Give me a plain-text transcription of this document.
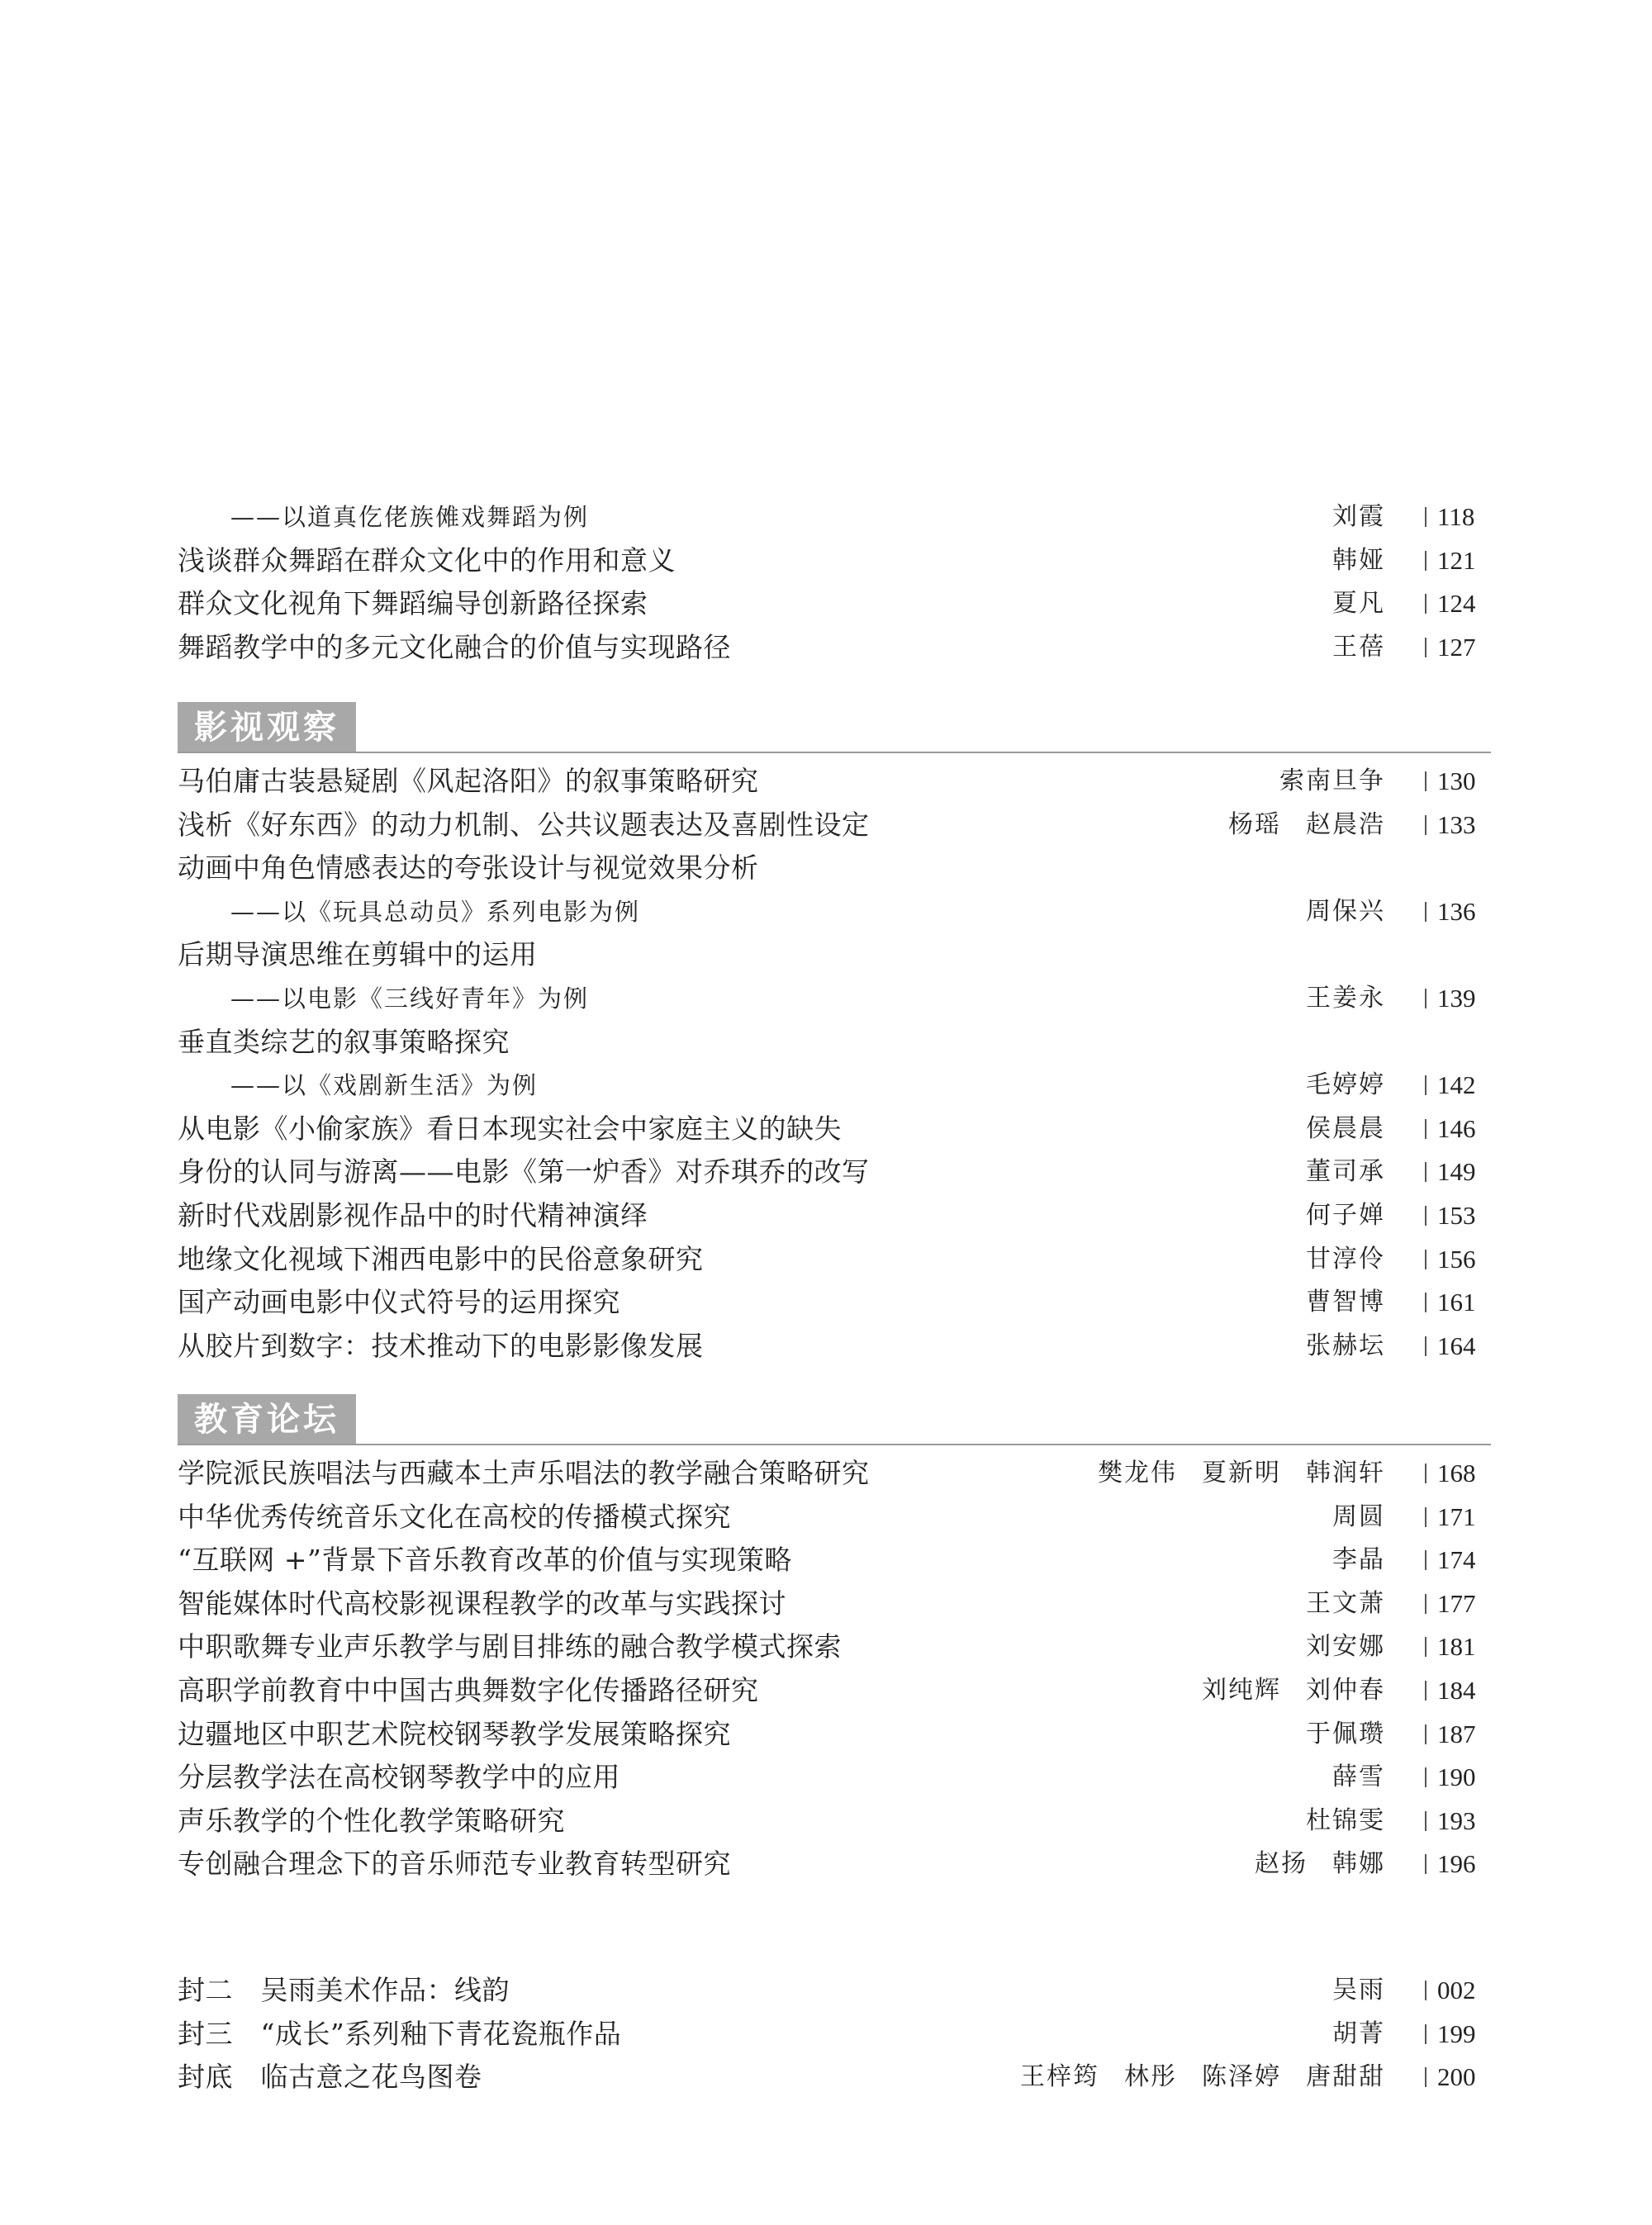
——以道真仡佬族傩戏舞蹈为例	刘霞 118
浅谈群众舞蹈在群众文化中的作用和意义	韩娅 121
群众文化视角下舞蹈编导创新路径探索	夏凡 124
舞蹈教学中的多元文化融合的价值与实现路径	王蓓 127
影视观察
马伯庸古装悬疑剧《风起洛阳》的叙事策略研究	索南旦争 130
浅析《好东西》的动力机制、公共议题表达及喜剧性设定	杨瑶 赵晨浩 133
动画中角色情感表达的夸张设计与视觉效果分析
——以《玩具总动员》系列电影为例	周保兴 136
后期导演思维在剪辑中的运用
——以电影《三线好青年》为例	王姜永 139
垂直类综艺的叙事策略探究
——以《戏剧新生活》为例	毛婷婷 142
从电影《小偷家族》看日本现实社会中家庭主义的缺失	侯晨晨 146
身份的认同与游离——电影《第一炉香》对乔琪乔的改写	董司承 149
新时代戏剧影视作品中的时代精神演绎	何子婵 153
地缘文化视域下湘西电影中的民俗意象研究	甘淳伶 156
国产动画电影中仪式符号的运用探究	曹智博 161
从胶片到数字：技术推动下的电影影像发展	张赫坛 164
教育论坛
学院派民族唱法与西藏本土声乐唱法的教学融合策略研究	樊龙伟 夏新明 韩润轩 168
中华优秀传统音乐文化在高校的传播模式探究	周圆 171
“互联网 +”背景下音乐教育改革的价值与实现策略	李晶 174
智能媒体时代高校影视课程教学的改革与实践探讨	王文萧 177
中职歌舞专业声乐教学与剧目排练的融合教学模式探索	刘安娜 181
高职学前教育中中国古典舞数字化传播路径研究	刘纯辉 刘仲春 184
边疆地区中职艺术院校钢琴教学发展策略探究	于佩瓒 187
分层教学法在高校钢琴教学中的应用	薛雪 190
声乐教学的个性化教学策略研究	杜锦雯 193
专创融合理念下的音乐师范专业教育转型研究	赵扬 韩娜 196
封二　吴雨美术作品：线韵	吴雨 002
封三　“成长”系列釉下青花瓷瓶作品	胡菁 199
封底　临古意之花鸟图卷	王梓筠 林彤 陈泽婷 唐甜甜 200
